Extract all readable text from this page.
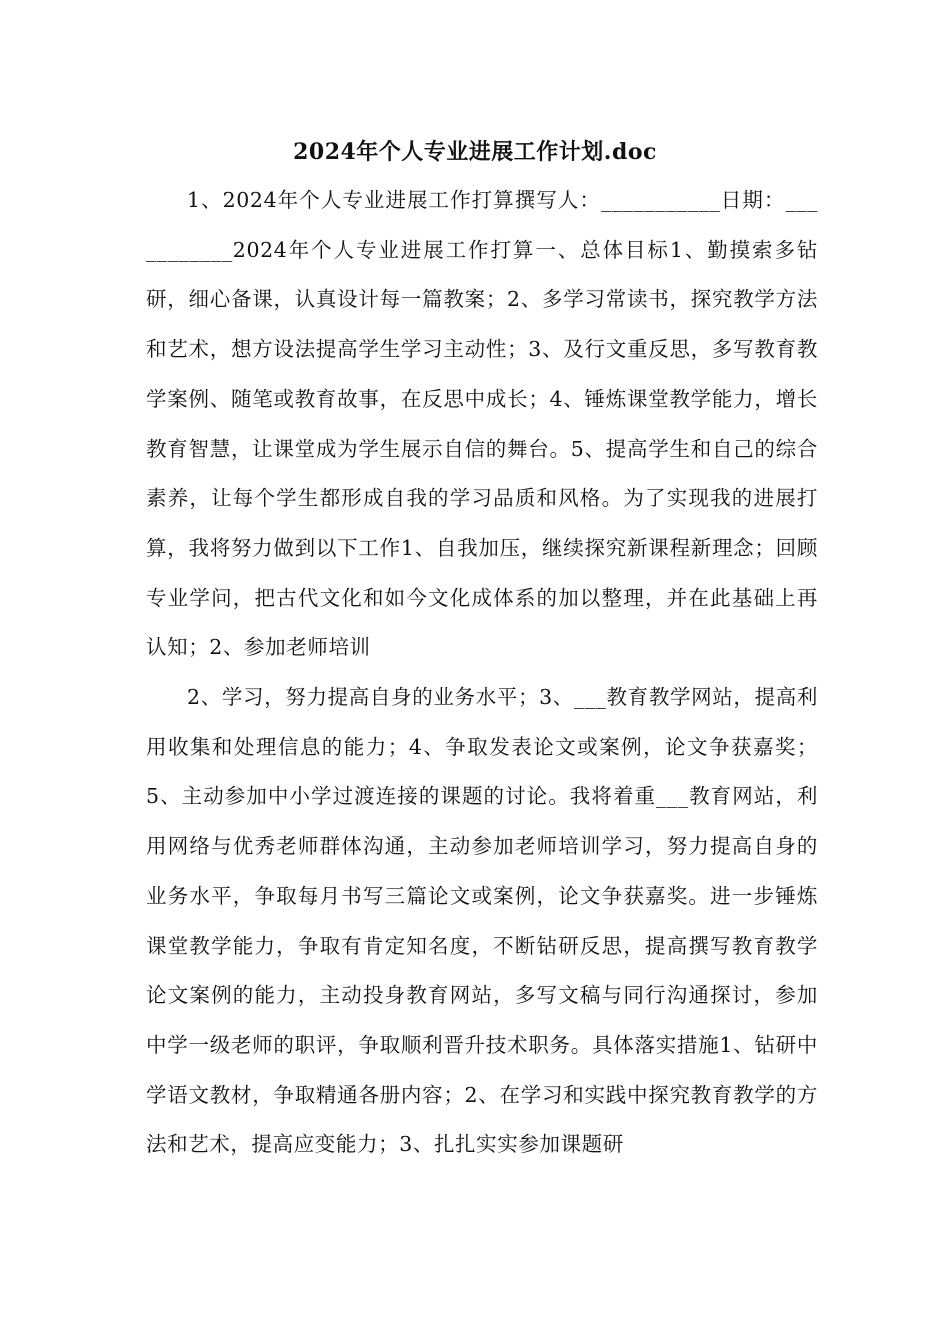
2024年个人专业进展工作计划.doc

1、2024年个人专业进展工作打算撰写人：___________日期：___________2024年个人专业进展工作打算一、总体目标1、勤摸索多钻研，细心备课，认真设计每一篇教案；2、多学习常读书，探究教学方法和艺术，想方设法提高学生学习主动性；3、及行文重反思，多写教育教学案例、随笔或教育故事，在反思中成长；4、锤炼课堂教学能力，增长教育智慧，让课堂成为学生展示自信的舞台。5、提高学生和自己的综合素养，让每个学生都形成自我的学习品质和风格。为了实现我的进展打算，我将努力做到以下工作1、自我加压，继续探究新课程新理念；回顾专业学问，把古代文化和如今文化成体系的加以整理，并在此基础上再认知；2、参加老师培训

2、学习，努力提高自身的业务水平；3、___教育教学网站，提高利用收集和处理信息的能力；4、争取发表论文或案例，论文争获嘉奖；5、主动参加中小学过渡连接的课题的讨论。我将着重___教育网站，利用网络与优秀老师群体沟通，主动参加老师培训学习，努力提高自身的业务水平，争取每月书写三篇论文或案例，论文争获嘉奖。进一步锤炼课堂教学能力，争取有肯定知名度，不断钻研反思，提高撰写教育教学论文案例的能力，主动投身教育网站，多写文稿与同行沟通探讨，参加中学一级老师的职评，争取顺利晋升技术职务。具体落实措施1、钻研中学语文教材，争取精通各册内容；2、在学习和实践中探究教育教学的方法和艺术，提高应变能力；3、扎扎实实参加课题研
